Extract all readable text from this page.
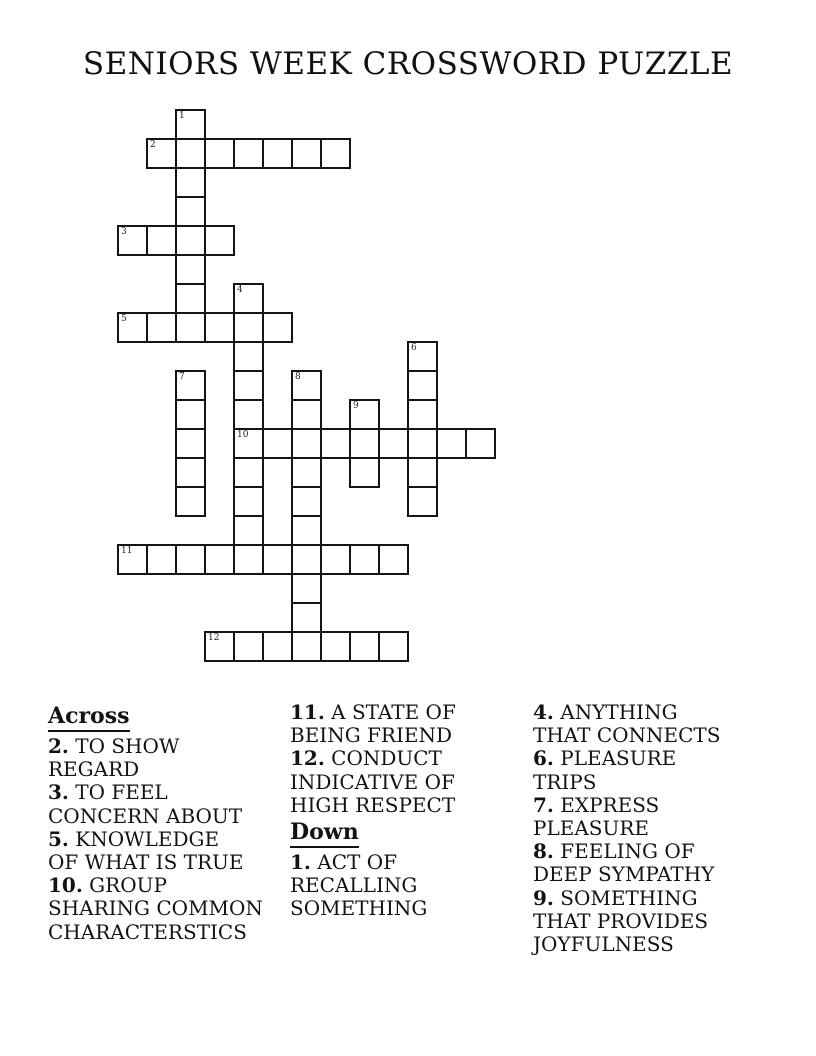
SENIORS WEEK CROSSWORD PUZZLE
1
2
3
4
5
6
7	8
9
10
11
12
Across
2. TO SHOW
REGARD
3. TO FEEL
CONCERN ABOUT
5. KNOWLEDGE
OF WHAT IS TRUE
10. GROUP
SHARING COMMON
CHARACTERSTICS
11. A STATE OF
BEING FRIEND
12. CONDUCT
INDICATIVE OF
HIGH RESPECT
Down
1. ACT OF
RECALLING
SOMETHING
4. ANYTHING
THAT CONNECTS
6. PLEASURE
TRIPS
7. EXPRESS
PLEASURE
8. FEELING OF
DEEP SYMPATHY
9. SOMETHING
THAT PROVIDES
JOYFULNESS
